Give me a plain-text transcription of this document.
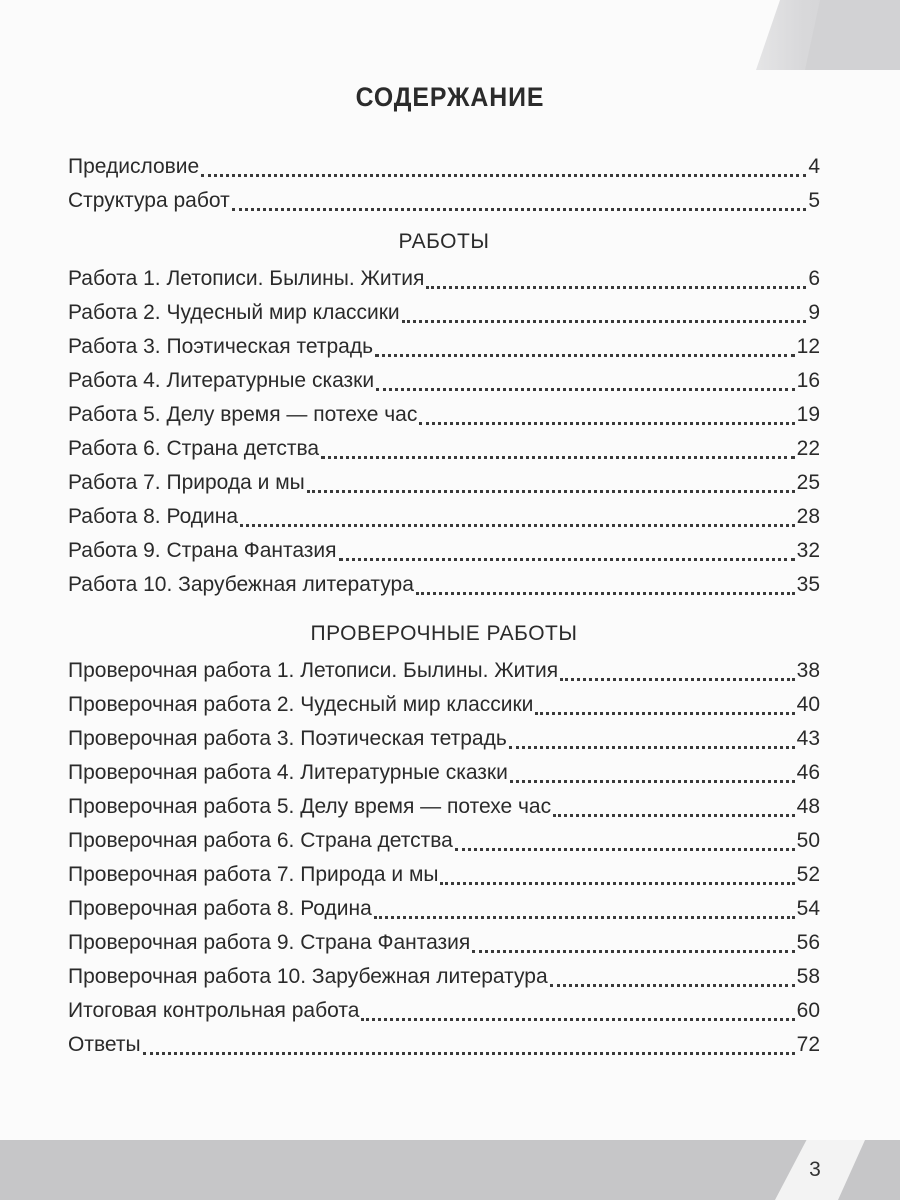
СОДЕРЖАНИЕ
Предисловие	4
Структура работ	5
РАБОТЫ
Работа 1. Летописи. Былины. Жития	6
Работа 2. Чудесный мир классики	9
Работа 3. Поэтическая тетрадь	12
Работа 4. Литературные сказки	16
Работа 5. Делу время — потехе час	19
Работа 6. Страна детства	22
Работа 7. Природа и мы	25
Работа 8. Родина	28
Работа 9. Страна Фантазия	32
Работа 10. Зарубежная литература	35
ПРОВЕРОЧНЫЕ РАБОТЫ
Проверочная работа 1. Летописи. Былины. Жития	38
Проверочная работа 2. Чудесный мир классики	40
Проверочная работа 3. Поэтическая тетрадь	43
Проверочная работа 4. Литературные сказки	46
Проверочная работа 5. Делу время — потехе час	48
Проверочная работа 6. Страна детства	50
Проверочная работа 7. Природа и мы	52
Проверочная работа 8. Родина	54
Проверочная работа 9. Страна Фантазия	56
Проверочная работа 10. Зарубежная литература	58
Итоговая контрольная работа	60
Ответы	72
3
